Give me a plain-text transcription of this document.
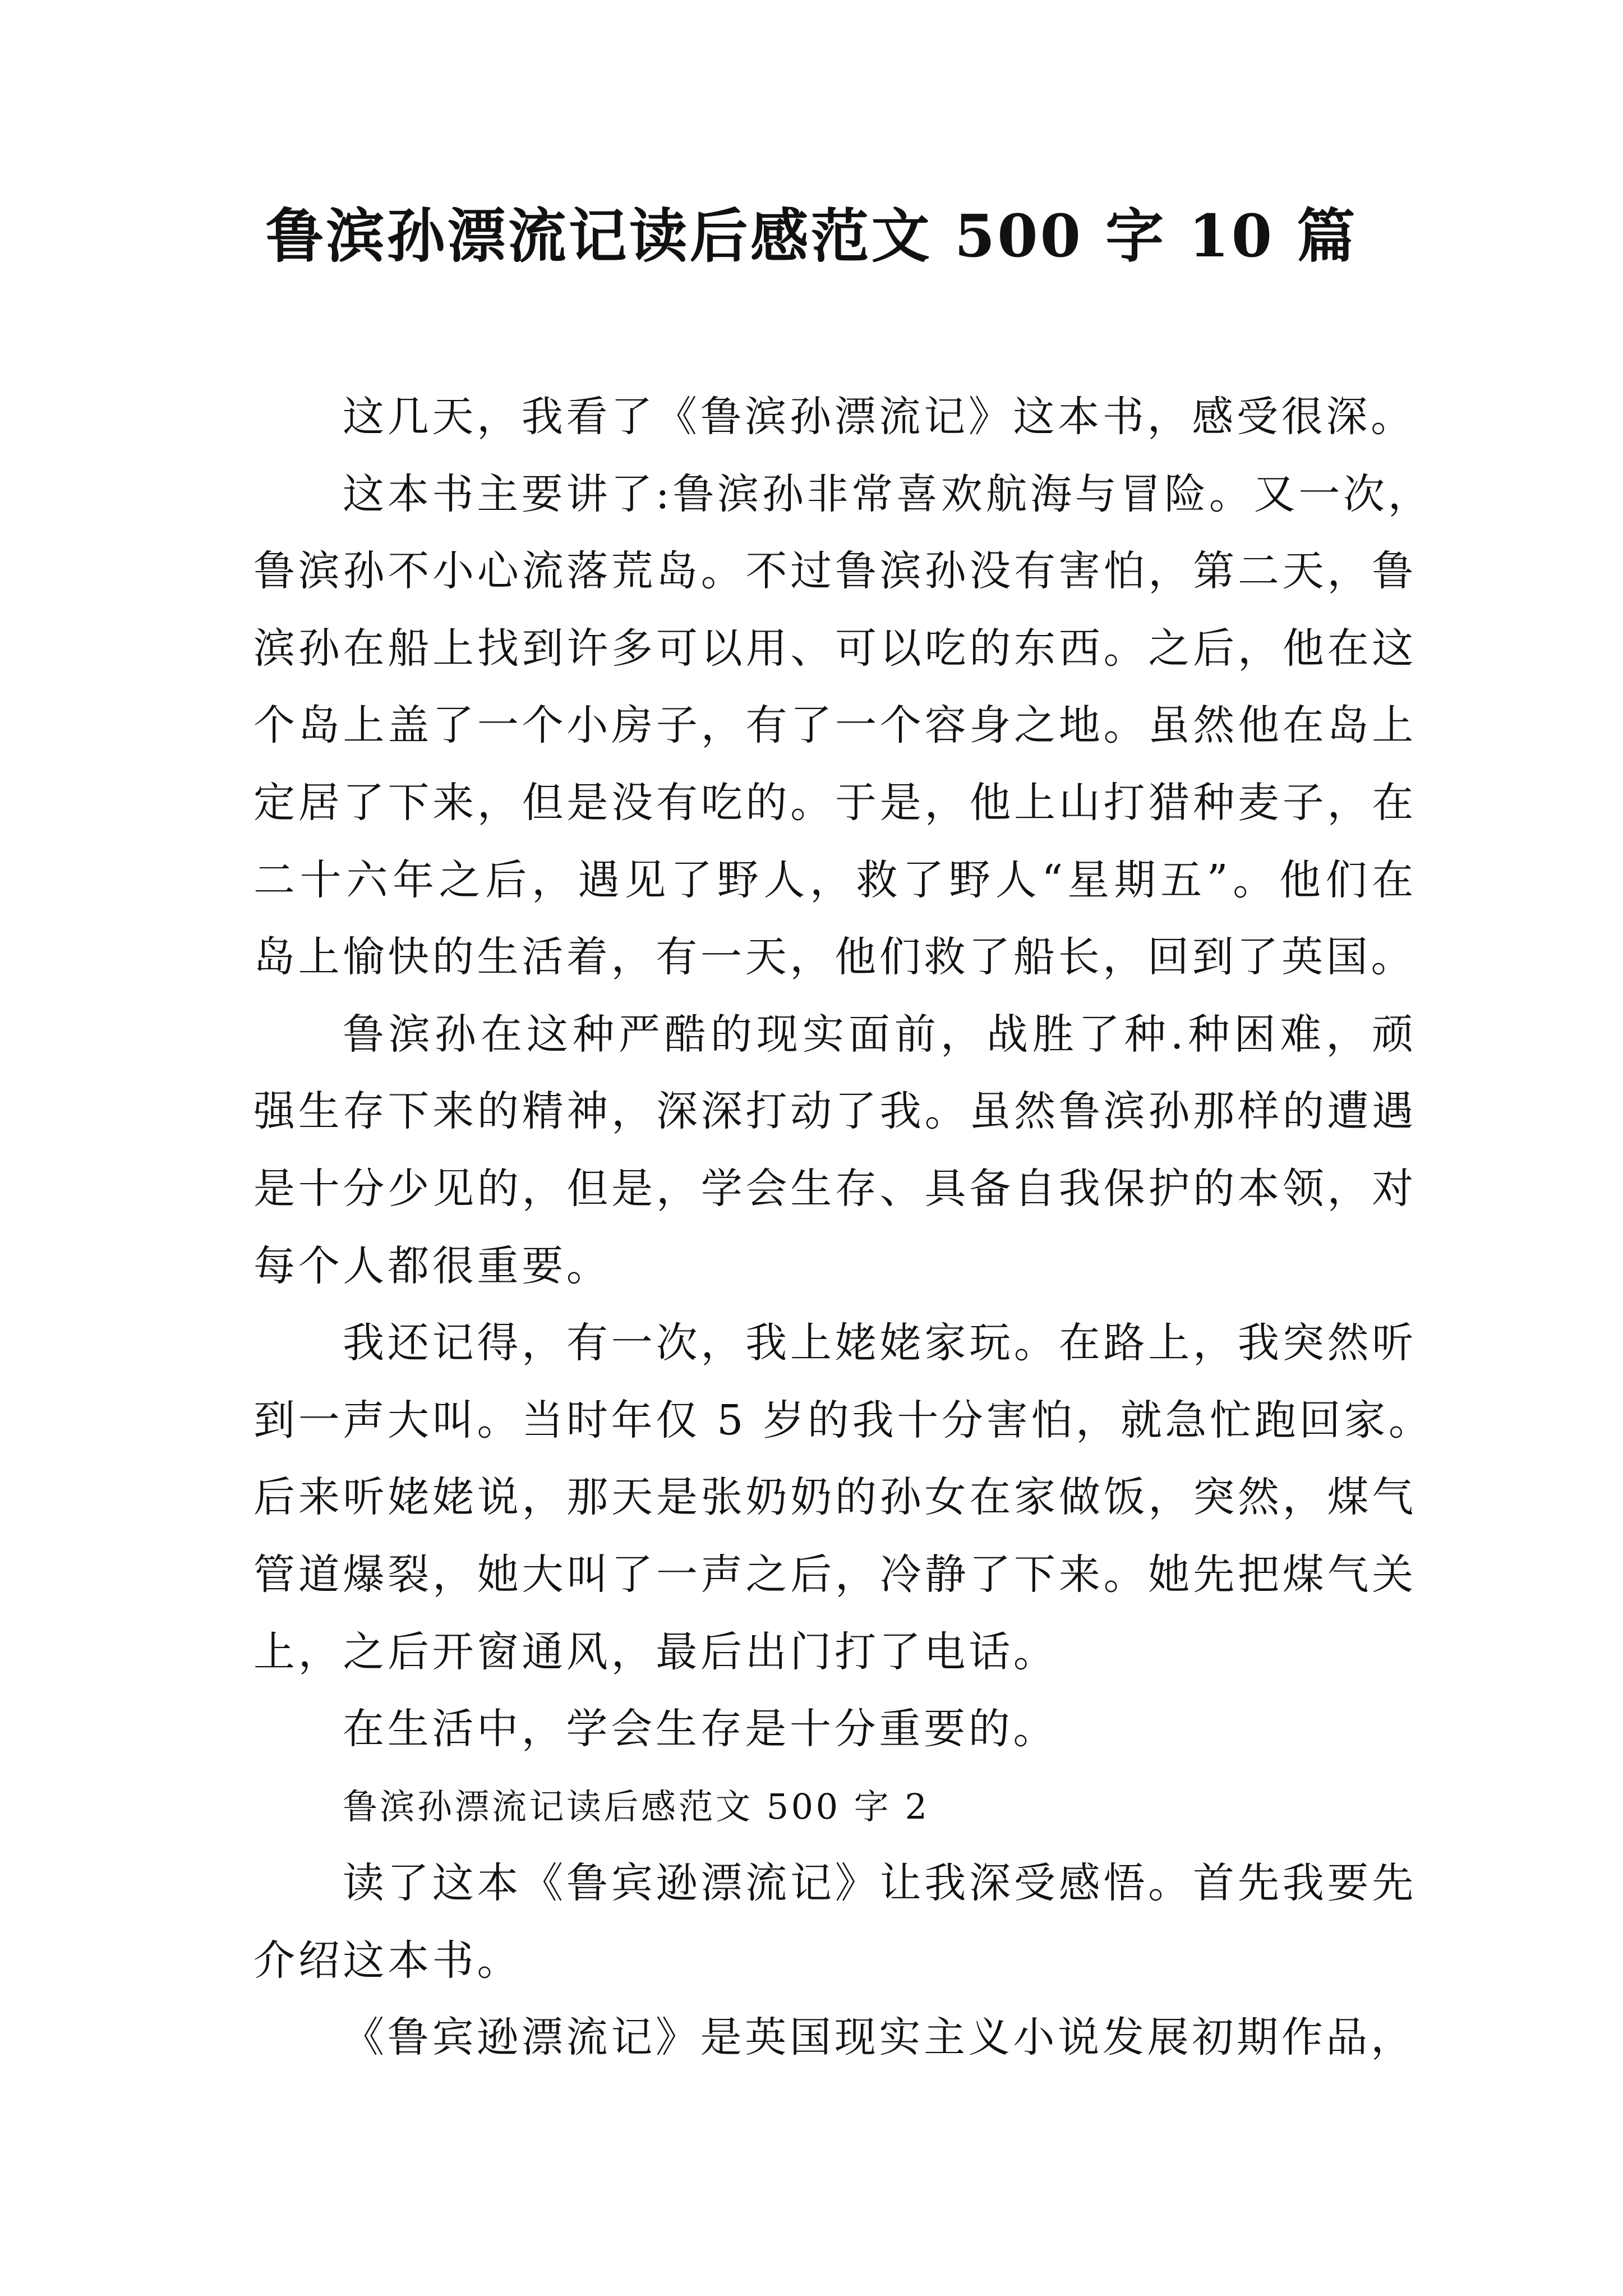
鲁滨孙漂流记读后感范文 500 字 10 篇
这几天，我看了《鲁滨孙漂流记》这本书，感受很深。
这本书主要讲了:鲁滨孙非常喜欢航海与冒险。又一次，
鲁滨孙不小心流落荒岛。不过鲁滨孙没有害怕，第二天，鲁
滨孙在船上找到许多可以用、可以吃的东西。之后，他在这
个岛上盖了一个小房子，有了一个容身之地。虽然他在岛上
定居了下来，但是没有吃的。于是，他上山打猎种麦子，在
二十六年之后，遇见了野人，救了野人“星期五”。他们在
岛上愉快的生活着，有一天，他们救了船长，回到了英国。
鲁滨孙在这种严酷的现实面前，战胜了种.种困难，顽
强生存下来的精神，深深打动了我。虽然鲁滨孙那样的遭遇
是十分少见的，但是，学会生存、具备自我保护的本领，对
每个人都很重要。
我还记得，有一次，我上姥姥家玩。在路上，我突然听
到一声大叫。当时年仅 5 岁的我十分害怕，就急忙跑回家。
后来听姥姥说，那天是张奶奶的孙女在家做饭，突然，煤气
管道爆裂，她大叫了一声之后，冷静了下来。她先把煤气关
上，之后开窗通风，最后出门打了电话。
在生活中，学会生存是十分重要的。
鲁滨孙漂流记读后感范文 500 字 2
读了这本《鲁宾逊漂流记》让我深受感悟。首先我要先
介绍这本书。
《鲁宾逊漂流记》是英国现实主义小说发展初期作品，
